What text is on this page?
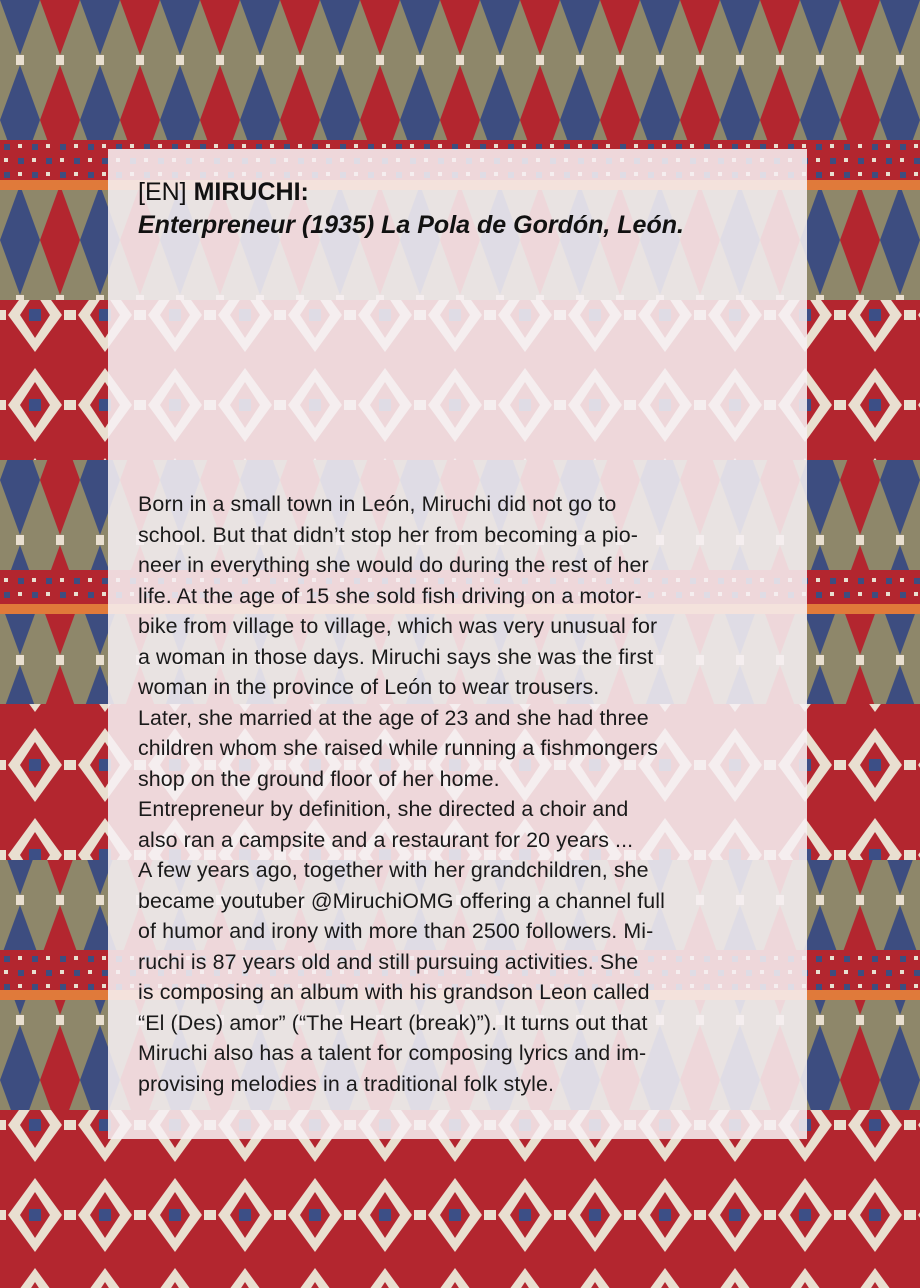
[EN] MIRUCHI:
Enterpreneur (1935) La Pola de Gordón, León.
Born in a small town in León, Miruchi did not go to
school. But that didn’t stop her from becoming a pio-
neer in everything she would do during the rest of her
life. At the age of 15 she sold fish driving on a motor-
bike from village to village, which was very unusual for
a woman in those days. Miruchi says she was the first
woman in the province of León to wear trousers.
Later, she married at the age of 23 and she had three
children whom she raised while running a fishmongers
shop on the ground floor of her home.
Entrepreneur by definition, she directed a choir and
also ran a campsite and a restaurant for 20 years ...
A few years ago, together with her grandchildren, she
became youtuber @MiruchiOMG offering a channel full
of humor and irony with more than 2500 followers. Mi-
ruchi is 87 years old and still pursuing activities. She
is composing an album with his grandson Leon called
“El (Des) amor” (“The Heart (break)”). It turns out that
Miruchi also has a talent for composing lyrics and im-
provising melodies in a traditional folk style.
